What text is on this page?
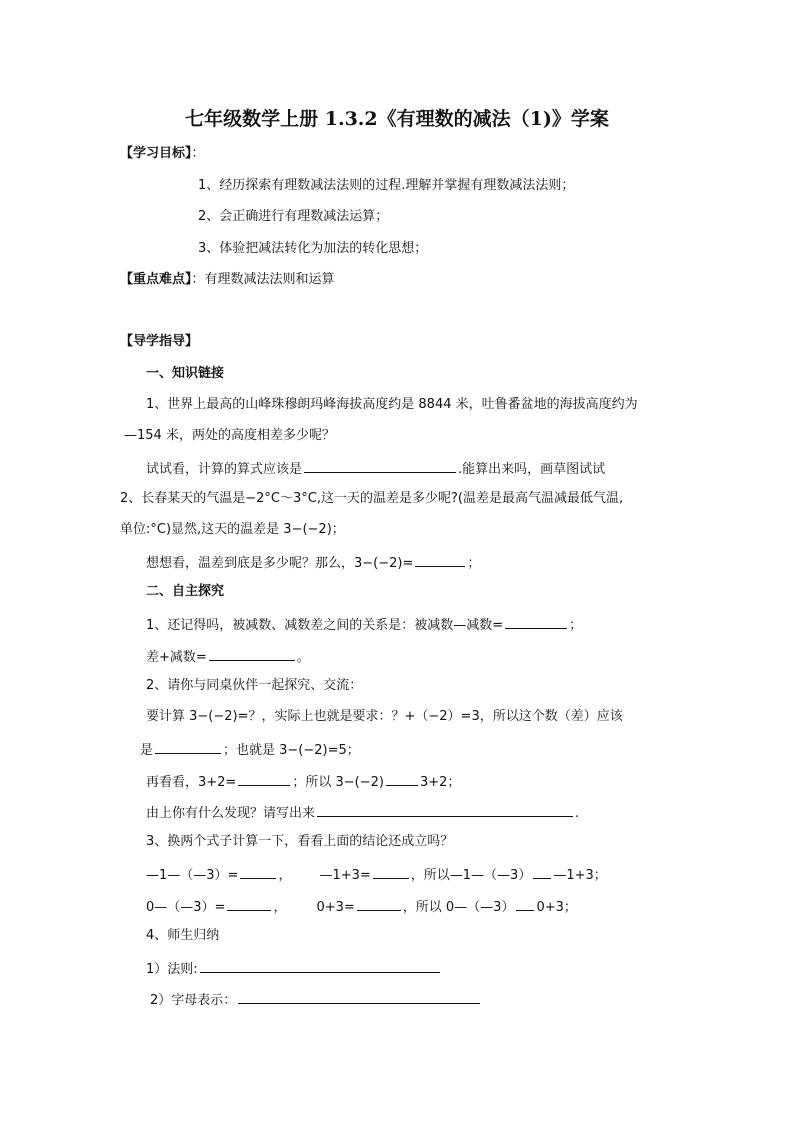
七年级数学上册 1.3.2《有理数的减法（1)》学案
【学习目标】：
1、经历探索有理数减法法则的过程.理解并掌握有理数减法法则；
2、会正确进行有理数减法运算；
3、体验把减法转化为加法的转化思想；
【重点难点】：有理数减法法则和运算
【导学指导】
一、知识链接
1、世界上最高的山峰珠穆朗玛峰海拔高度约是 8844 米，吐鲁番盆地的海拔高度约为
—154 米，两处的高度相差多少呢？
试试看，计算的算式应该是	.能算出来吗，画草图试试
2、长春某天的气温是−2°C～3°C,这一天的温差是多少呢?(温差是最高气温减最低气温,
单位:°C)显然,这天的温差是 3−(−2)；
想想看，温差到底是多少呢？那么，3−(−2)=	；
二、自主探究
1、还记得吗，被减数、减数差之间的关系是：被减数—减数=	；
差+减数=	。
2、请你与同桌伙伴一起探究、交流：
要计算 3−(−2)=？，实际上也就是要求：？+（−2）=3，所以这个数（差）应该
是	；也就是 3−(−2)=5；
再看看，3+2=	；所以 3−(−2)	3+2；
由上你有什么发现？请写出来	.
3、换两个式子计算一下，看看上面的结论还成立吗？
—1—（—3）=	， —1+3=	，所以—1—（—3） —1+3；
0—（—3）=	， 0+3=	，所以 0—（—3） 0+3；
4、师生归纳
1）法则:
2）字母表示：
